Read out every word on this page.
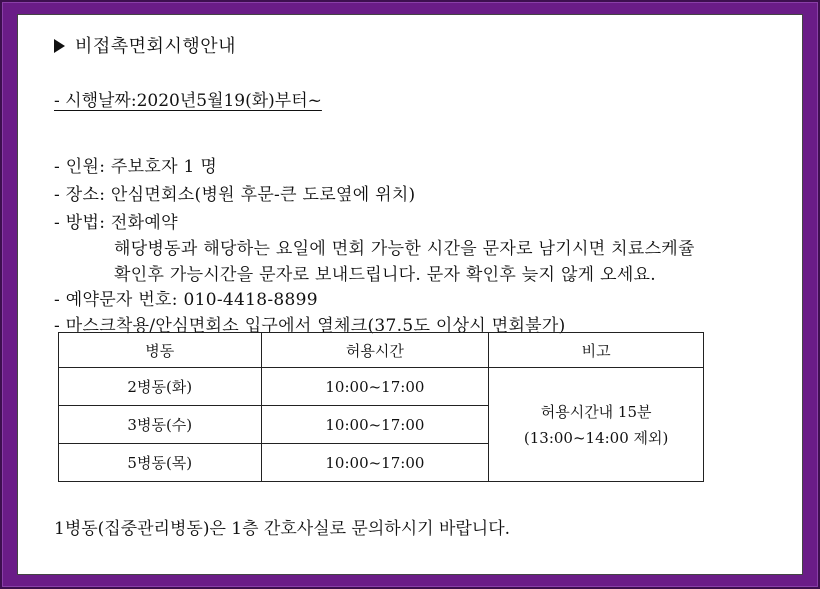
비접촉면회시행안내
- 시행날짜:2020년5월19(화)부터~
- 인원: 주보호자 1 명
- 장소: 안심면회소(병원 후문-큰 도로옆에 위치)
- 방법: 전화예약
해당병동과 해당하는 요일에 면회 가능한 시간을 문자로 남기시면 치료스케쥴
확인후 가능시간을 문자로 보내드립니다. 문자 확인후 늦지 않게 오세요.
- 예약문자 번호: 010-4418-8899
- 마스크착용/안심면회소 입구에서 열체크(37.5도 이상시 면회불가)
병동	허용시간	비고
2병동(화)	10:00~17:00	허용시간내 15분
(13:00~14:00 제외)

3병동(수)	10:00~17:00	
5병동(목)	10:00~17:00	
1병동(집중관리병동)은 1층 간호사실로 문의하시기 바랍니다.
